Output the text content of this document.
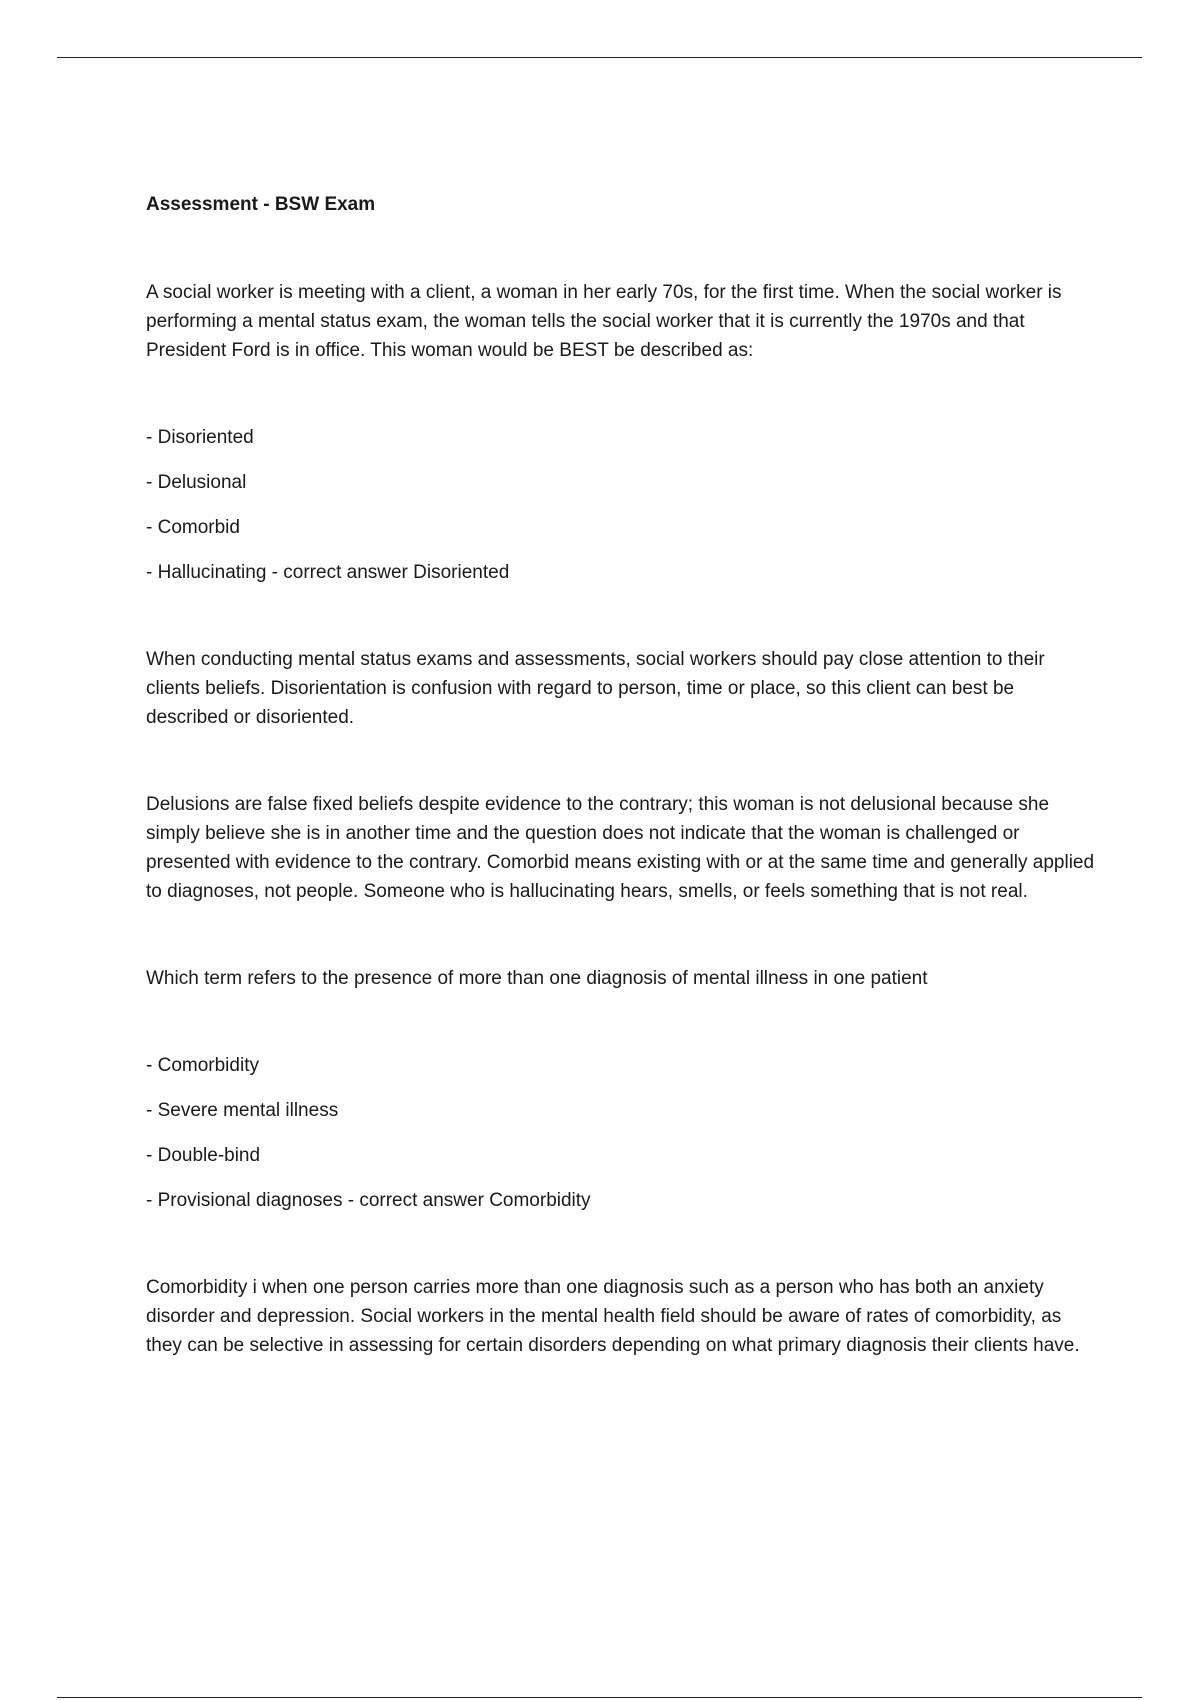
Assessment - BSW Exam

A social worker is meeting with a client, a woman in her early 70s, for the first time. When the social worker is performing a mental status exam, the woman tells the social worker that it is currently the 1970s and that President Ford is in office. This woman would be BEST be described as:

- Disoriented
- Delusional
- Comorbid
- Hallucinating - correct answer Disoriented

When conducting mental status exams and assessments, social workers should pay close attention to their clients beliefs. Disorientation is confusion with regard to person, time or place, so this client can best be described or disoriented.

Delusions are false fixed beliefs despite evidence to the contrary; this woman is not delusional because she simply believe she is in another time and the question does not indicate that the woman is challenged or presented with evidence to the contrary. Comorbid means existing with or at the same time and generally applied to diagnoses, not people. Someone who is hallucinating hears, smells, or feels something that is not real.

Which term refers to the presence of more than one diagnosis of mental illness in one patient

- Comorbidity
- Severe mental illness
- Double-bind
- Provisional diagnoses - correct answer Comorbidity

Comorbidity i when one person carries more than one diagnosis such as a person who has both an anxiety disorder and depression. Social workers in the mental health field should be aware of rates of comorbidity, as they can be selective in assessing for certain disorders depending on what primary diagnosis their clients have.
